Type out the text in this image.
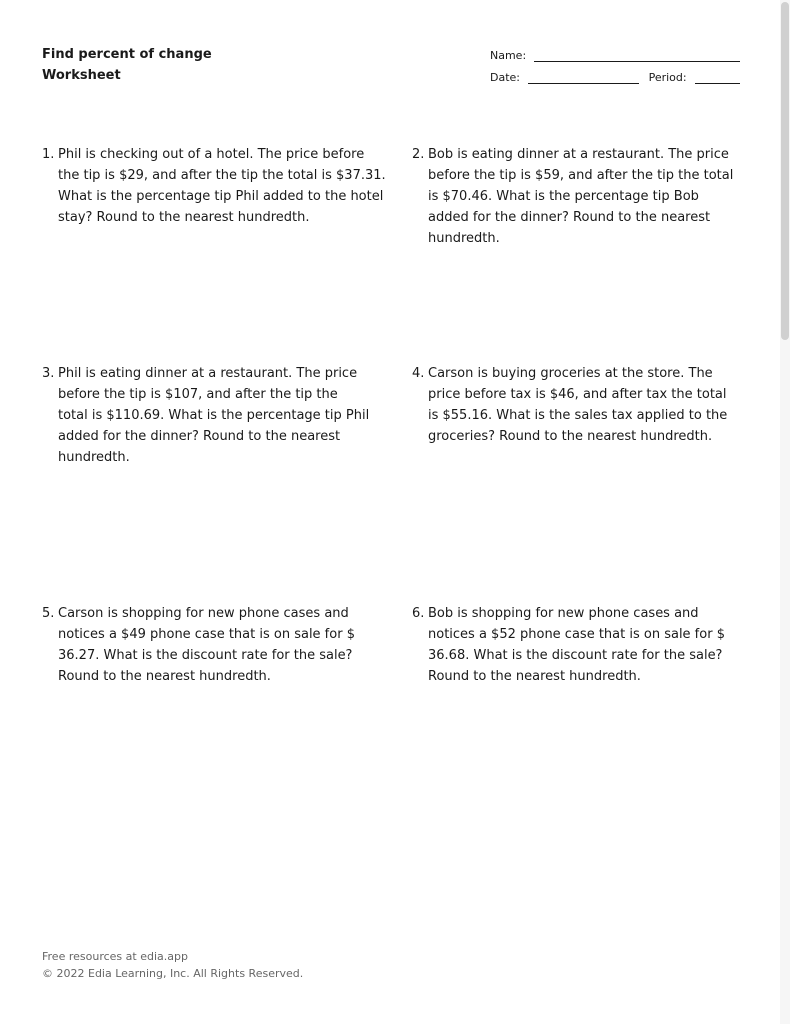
Find percent of change
Worksheet
Name:
Date:	Period:
1. Phil is checking out of a hotel. The price before the tip is $29, and after the tip the total is $37.31. What is the percentage tip Phil added to the hotel stay? Round to the nearest hundredth.
2. Bob is eating dinner at a restaurant. The price before the tip is $59, and after the tip the total is $70.46. What is the percentage tip Bob added for the dinner? Round to the nearest hundredth.
3. Phil is eating dinner at a restaurant. The price before the tip is $107, and after the tip the total is $110.69. What is the percentage tip Phil added for the dinner? Round to the nearest hundredth.
4. Carson is buying groceries at the store. The price before tax is $46, and after tax the total is $55.16. What is the sales tax applied to the groceries? Round to the nearest hundredth.
5. Carson is shopping for new phone cases and notices a $49 phone case that is on sale for $ 36.27. What is the discount rate for the sale? Round to the nearest hundredth.
6. Bob is shopping for new phone cases and notices a $52 phone case that is on sale for $ 36.68. What is the discount rate for the sale? Round to the nearest hundredth.
Free resources at edia.app
© 2022 Edia Learning, Inc. All Rights Reserved.
